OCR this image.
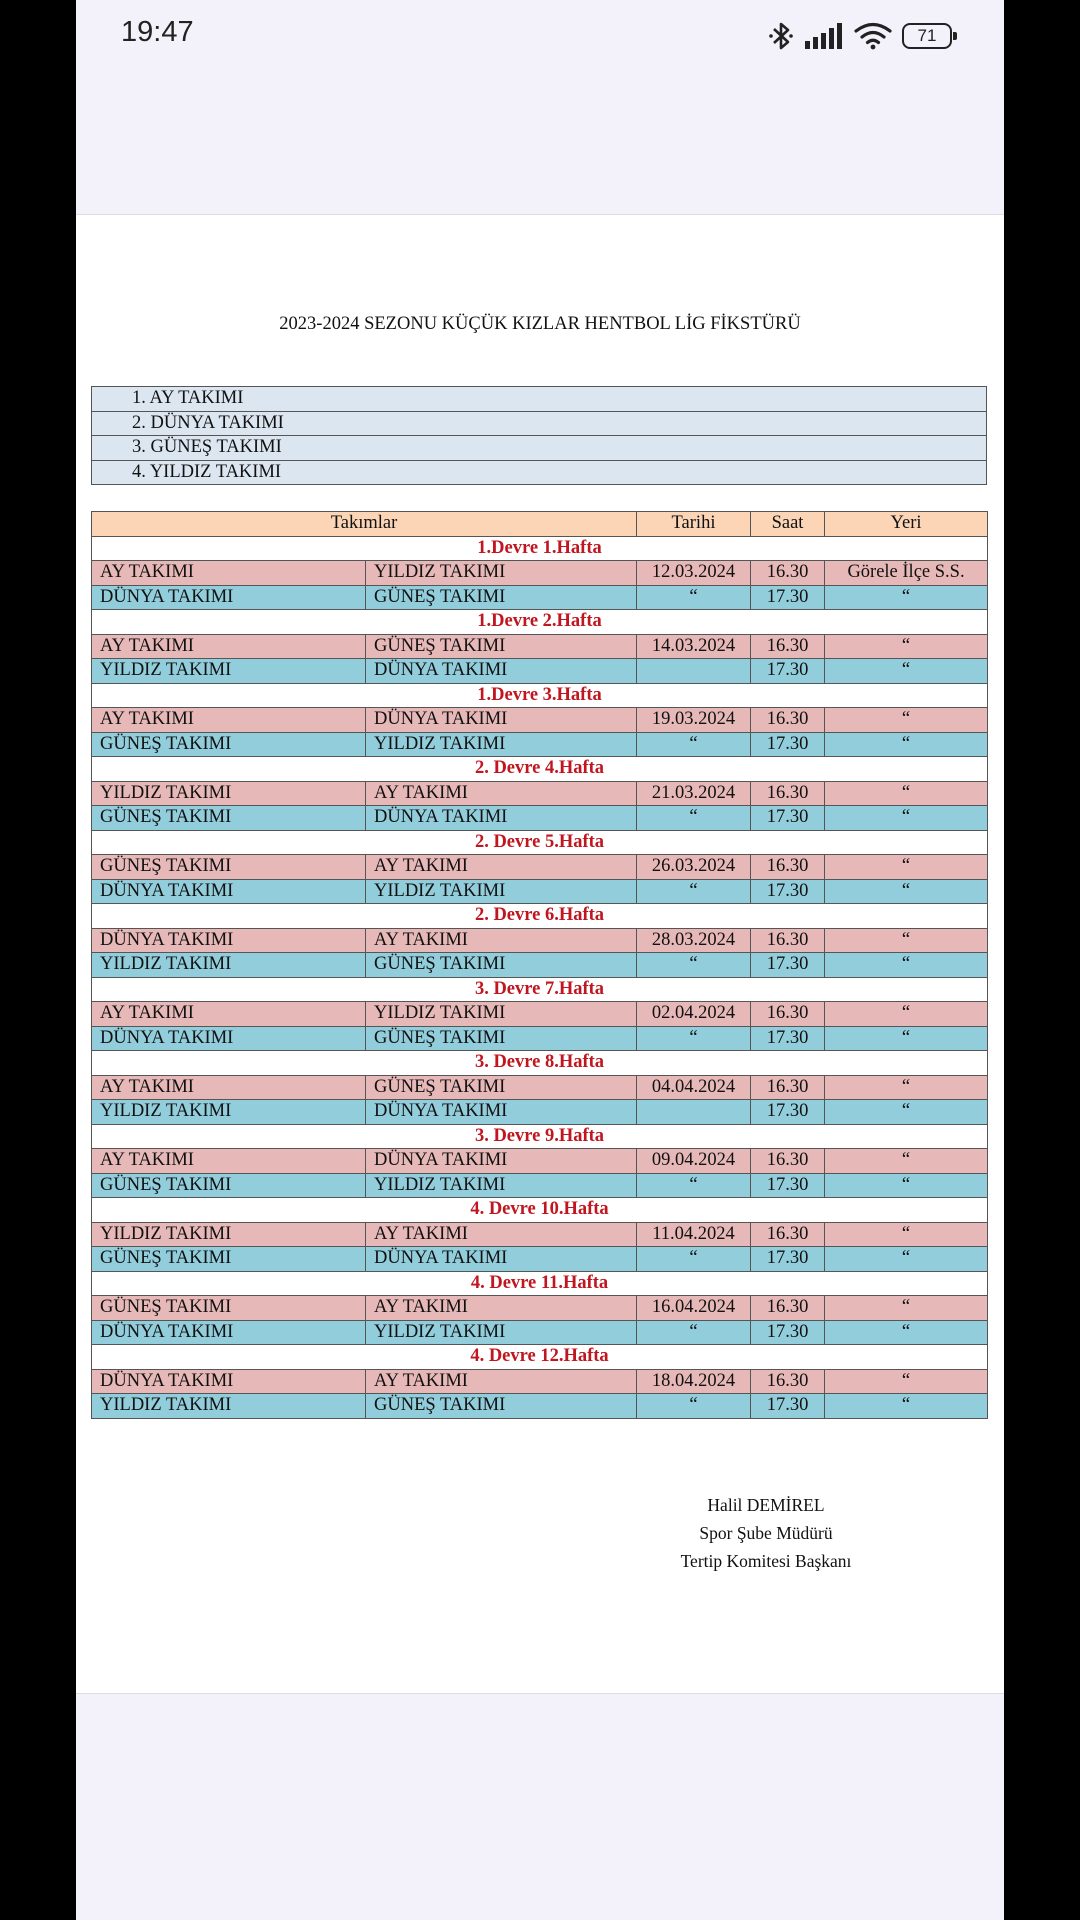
19:47	71
2023-2024 SEZONU KÜÇÜK KIZLAR HENTBOL LİG FİKSTÜRÜ
1. AY TAKIMI
2. DÜNYA TAKIMI
3. GÜNEŞ TAKIMI
4. YILDIZ TAKIMI
Takımlar		Tarihi	Saat	Yeri
1.Devre 1.Hafta				
AY TAKIMI	YILDIZ TAKIMI	12.03.2024	16.30	Görele İlçe S.S.
DÜNYA TAKIMI	GÜNEŞ TAKIMI	“	17.30	“
1.Devre 2.Hafta				
AY TAKIMI	GÜNEŞ TAKIMI	14.03.2024	16.30	“
YILDIZ TAKIMI	DÜNYA TAKIMI		17.30	“
1.Devre 3.Hafta				
AY TAKIMI	DÜNYA TAKIMI	19.03.2024	16.30	“
GÜNEŞ TAKIMI	YILDIZ TAKIMI	“	17.30	“
2. Devre 4.Hafta				
YILDIZ TAKIMI	AY TAKIMI	21.03.2024	16.30	“
GÜNEŞ TAKIMI	DÜNYA TAKIMI	“	17.30	“
2. Devre 5.Hafta				
GÜNEŞ TAKIMI	AY TAKIMI	26.03.2024	16.30	“
DÜNYA TAKIMI	YILDIZ TAKIMI	“	17.30	“
2. Devre 6.Hafta				
DÜNYA TAKIMI	AY TAKIMI	28.03.2024	16.30	“
YILDIZ TAKIMI	GÜNEŞ TAKIMI	“	17.30	“
3. Devre 7.Hafta				
AY TAKIMI	YILDIZ TAKIMI	02.04.2024	16.30	“
DÜNYA TAKIMI	GÜNEŞ TAKIMI	“	17.30	“
3. Devre 8.Hafta				
AY TAKIMI	GÜNEŞ TAKIMI	04.04.2024	16.30	“
YILDIZ TAKIMI	DÜNYA TAKIMI		17.30	“
3. Devre 9.Hafta				
AY TAKIMI	DÜNYA TAKIMI	09.04.2024	16.30	“
GÜNEŞ TAKIMI	YILDIZ TAKIMI	“	17.30	“
4. Devre 10.Hafta				
YILDIZ TAKIMI	AY TAKIMI	11.04.2024	16.30	“
GÜNEŞ TAKIMI	DÜNYA TAKIMI	“	17.30	“
4. Devre 11.Hafta				
GÜNEŞ TAKIMI	AY TAKIMI	16.04.2024	16.30	“
DÜNYA TAKIMI	YILDIZ TAKIMI	“	17.30	“
4. Devre 12.Hafta				
DÜNYA TAKIMI	AY TAKIMI	18.04.2024	16.30	“
YILDIZ TAKIMI	GÜNEŞ TAKIMI	“	17.30	“
Halil DEMİREL
Spor Şube Müdürü
Tertip Komitesi Başkanı
